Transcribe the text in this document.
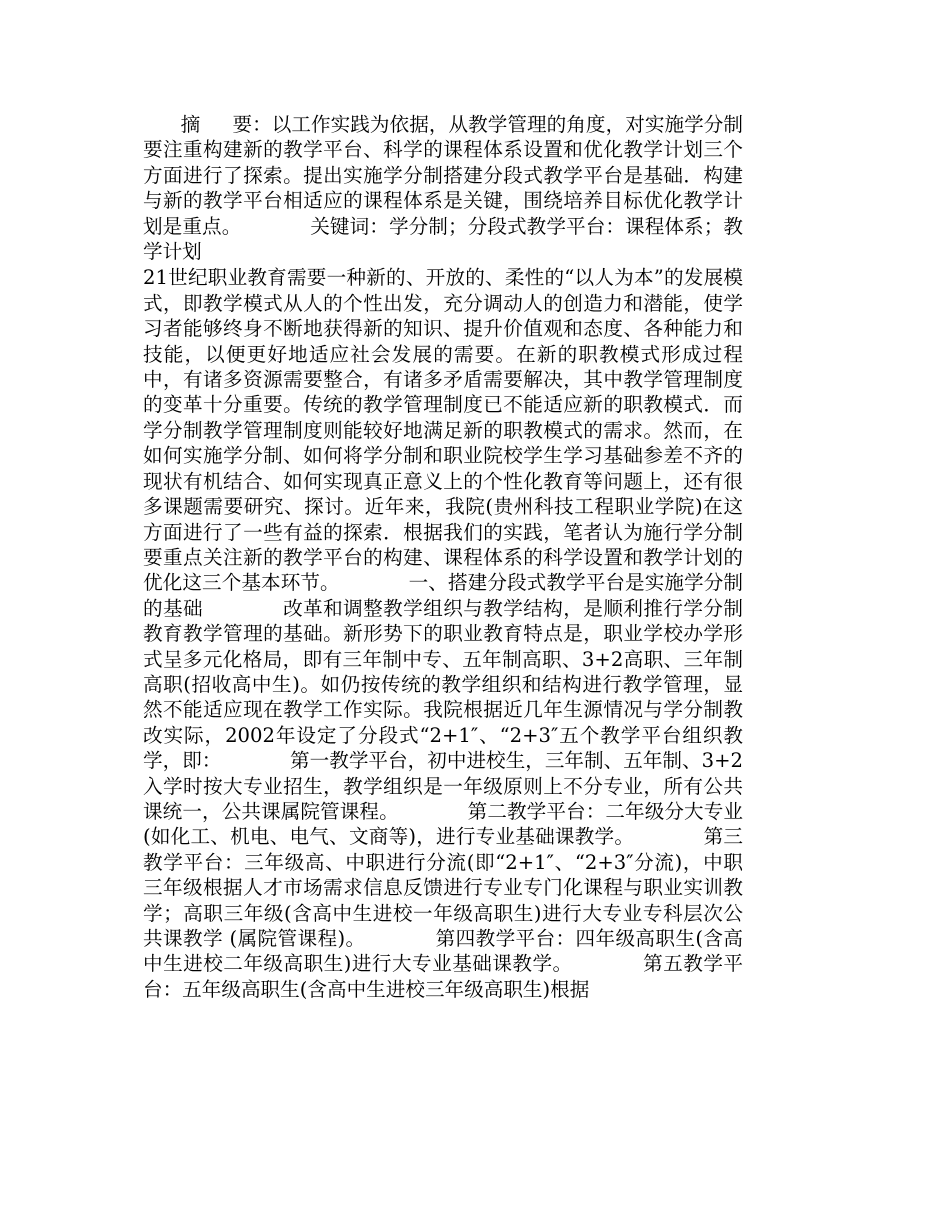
摘　  要：以工作实践为依据，从教学管理的角度，对实施学分制要注重构建新的教学平台、科学的课程体系设置和优化教学计划三个方面进行了探索。提出实施学分制搭建分段式教学平台是基础．构建与新的教学平台相适应的课程体系是关键，围绕培养目标优化教学计划是重点。　　　　关键词：学分制；分段式教学平台：课程体系；教学计划

21世纪职业教育需要一种新的、开放的、柔性的“以人为本”的发展模式，即教学模式从人的个性出发，充分调动人的创造力和潜能，使学习者能够终身不断地获得新的知识、提升价值观和态度、各种能力和技能，以便更好地适应社会发展的需要。在新的职教模式形成过程中，有诸多资源需要整合，有诸多矛盾需要解决，其中教学管理制度的变革十分重要。传统的教学管理制度已不能适应新的职教模式．而学分制教学管理制度则能较好地满足新的职教模式的需求。然而，在如何实施学分制、如何将学分制和职业院校学生学习基础参差不齐的现状有机结合、如何实现真正意义上的个性化教育等问题上，还有很多课题需要研究、探讨。近年来，我院(贵州科技工程职业学院)在这方面进行了一些有益的探索．根据我们的实践，笔者认为施行学分制要重点关注新的教学平台的构建、课程体系的科学设置和教学计划的优化这三个基本环节。　　　　一、搭建分段式教学平台是实施学分制的基础　　　　改革和调整教学组织与教学结构，是顺利推行学分制教育教学管理的基础。新形势下的职业教育特点是，职业学校办学形式呈多元化格局，即有三年制中专、五年制高职、3+2高职、三年制高职(招收高中生)。如仍按传统的教学组织和结构进行教学管理，显然不能适应现在教学工作实际。我院根据近几年生源情况与学分制教改实际，2002年设定了分段式“2+1″、“2+3″五个教学平台组织教学，即：　　　　第一教学平台，初中进校生，三年制、五年制、3+2入学时按大专业招生，教学组织是一年级原则上不分专业，所有公共课统一，公共课属院管课程。　　　　第二教学平台：二年级分大专业(如化工、机电、电气、文商等)，进行专业基础课教学。　　　　第三教学平台：三年级高、中职进行分流(即“2+1″、“2+3″分流)，中职三年级根据人才市场需求信息反馈进行专业专门化课程与职业实训教学；高职三年级(含高中生进校一年级高职生)进行大专业专科层次公共课教学 (属院管课程)。　　　　第四教学平台：四年级高职生(含高中生进校二年级高职生)进行大专业基础课教学。　　　　第五教学平台：五年级高职生(含高中生进校三年级高职生)根据
